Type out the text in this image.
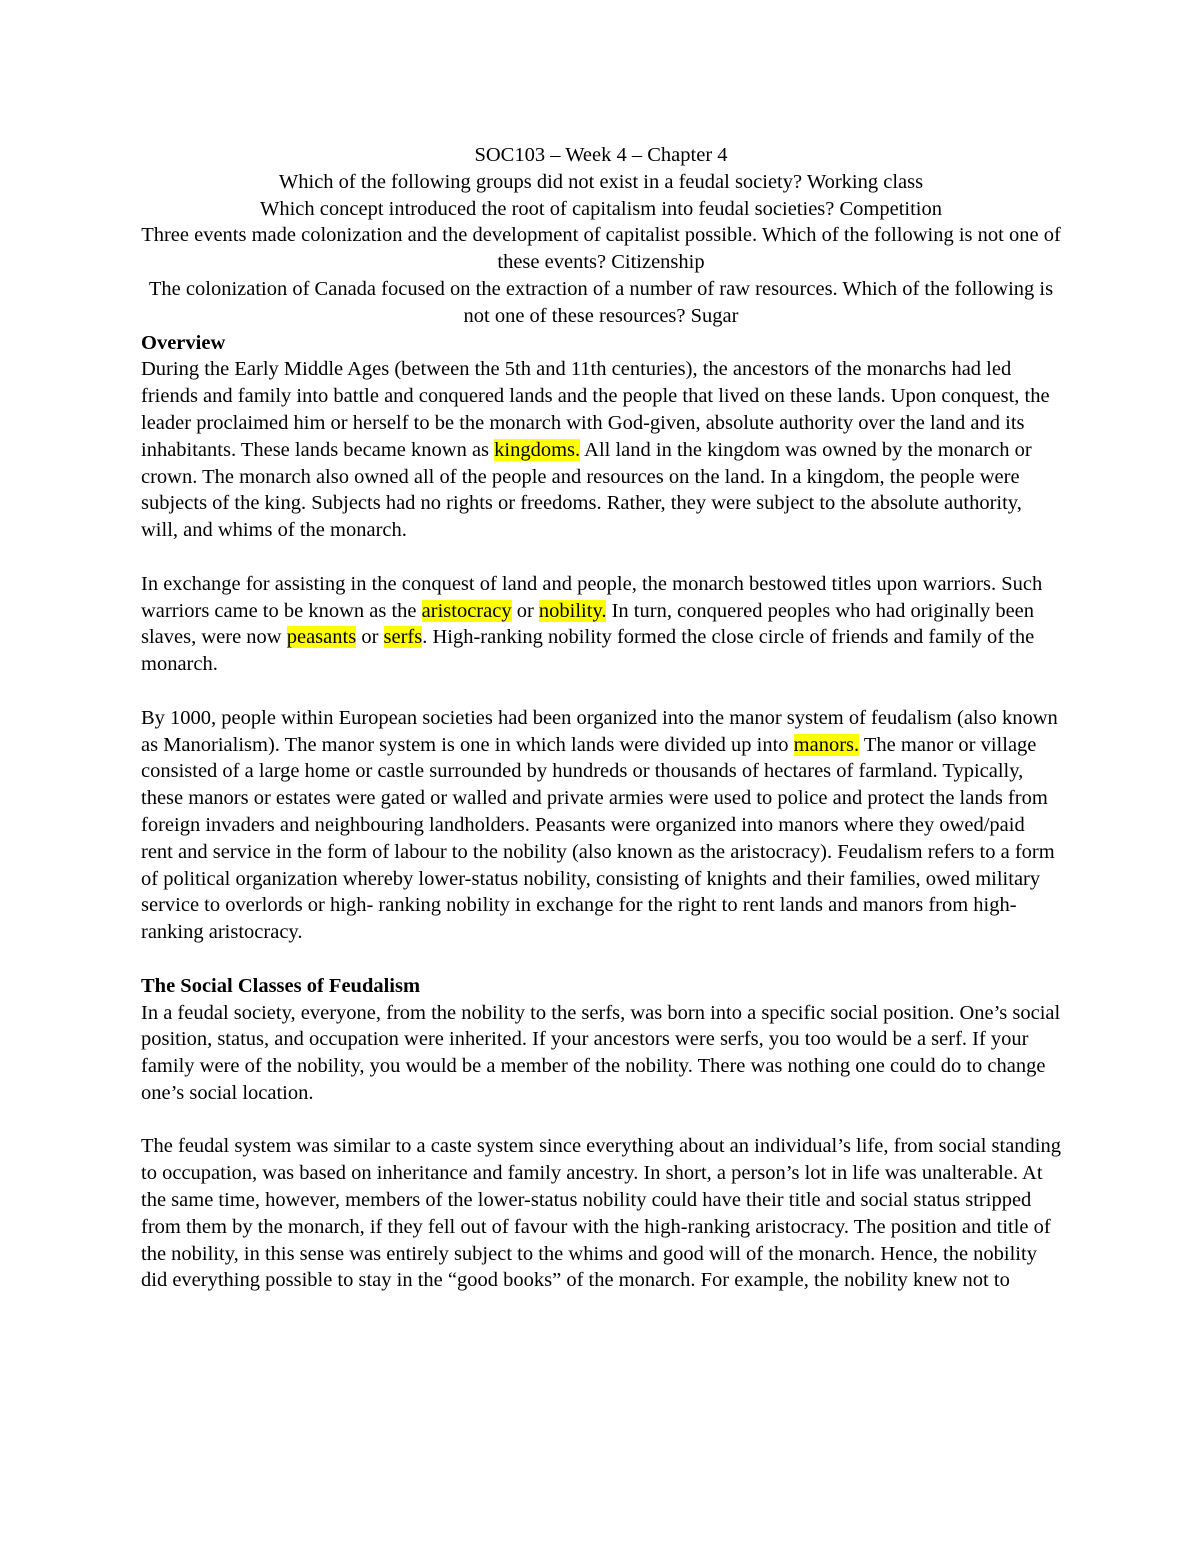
SOC103 – Week 4 – Chapter 4

Which of the following groups did not exist in a feudal society? Working class

Which concept introduced the root of capitalism into feudal societies? Competition

Three events made colonization and the development of capitalist possible. Which of the following is not one of these events? Citizenship

The colonization of Canada focused on the extraction of a number of raw resources. Which of the following is not one of these resources? Sugar

Overview

During the Early Middle Ages (between the 5th and 11th centuries), the ancestors of the monarchs had led friends and family into battle and conquered lands and the people that lived on these lands. Upon conquest, the leader proclaimed him or herself to be the monarch with God-given, absolute authority over the land and its inhabitants. These lands became known as kingdoms. All land in the kingdom was owned by the monarch or crown. The monarch also owned all of the people and resources on the land. In a kingdom, the people were subjects of the king. Subjects had no rights or freedoms. Rather, they were subject to the absolute authority, will, and whims of the monarch.

In exchange for assisting in the conquest of land and people, the monarch bestowed titles upon warriors. Such warriors came to be known as the aristocracy or nobility. In turn, conquered peoples who had originally been slaves, were now peasants or serfs. High-ranking nobility formed the close circle of friends and family of the monarch.

By 1000, people within European societies had been organized into the manor system of feudalism (also known as Manorialism). The manor system is one in which lands were divided up into manors. The manor or village consisted of a large home or castle surrounded by hundreds or thousands of hectares of farmland. Typically, these manors or estates were gated or walled and private armies were used to police and protect the lands from foreign invaders and neighbouring landholders. Peasants were organized into manors where they owed/paid rent and service in the form of labour to the nobility (also known as the aristocracy). Feudalism refers to a form of political organization whereby lower-status nobility, consisting of knights and their families, owed military service to overlords or high- ranking nobility in exchange for the right to rent lands and manors from high-ranking aristocracy.

The Social Classes of Feudalism

In a feudal society, everyone, from the nobility to the serfs, was born into a specific social position. One’s social position, status, and occupation were inherited. If your ancestors were serfs, you too would be a serf. If your family were of the nobility, you would be a member of the nobility. There was nothing one could do to change one’s social location.

The feudal system was similar to a caste system since everything about an individual’s life, from social standing to occupation, was based on inheritance and family ancestry. In short, a person’s lot in life was unalterable. At the same time, however, members of the lower-status nobility could have their title and social status stripped from them by the monarch, if they fell out of favour with the high-ranking aristocracy. The position and title of the nobility, in this sense was entirely subject to the whims and good will of the monarch. Hence, the nobility did everything possible to stay in the “good books” of the monarch. For example, the nobility knew not to
